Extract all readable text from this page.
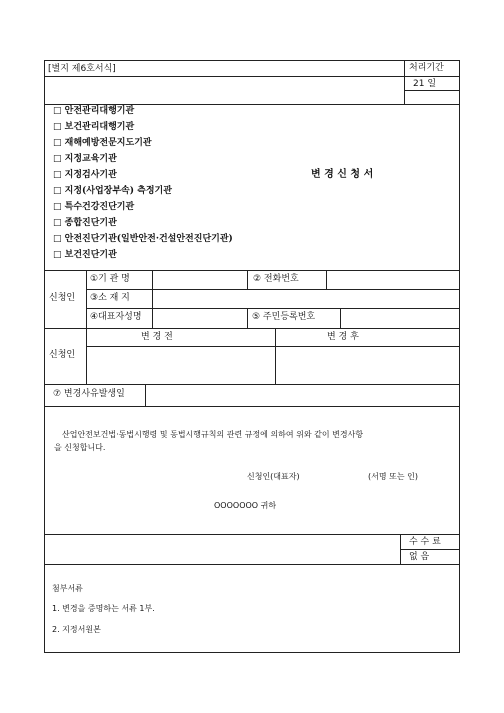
[별지 제6호서식]	처리기간
21 일
□ 안전관리대행기관
□ 보건관리대행기관
□ 재해예방전문지도기관
□ 지정교육기관
□ 지정검사기관
□ 지정(사업장부속) 측정기관
□ 특수건강진단기관
□ 종합진단기관
□ 안전진단기관(일반안전·건설안전진단기관)
□ 보건진단기관
변 경 신 청 서
신청인
①기 관 명	② 전화번호
③소 재 지
④대표자성명	⑤ 주민등록번호
신청인
변 경 전	변 경 후
⑦ 변경사유발생일
산업안전보건법·동법시행령 및 동법시행규칙의 관련 규정에 의하여 위와 같이 변경사항
을 신청합니다.
신청인(대표자)	(서명 또는 인)
OOOOOOO 귀하
수 수 료
없 음
첨부서류
1. 변경을 증명하는 서류 1부.
2. 지정서원본
